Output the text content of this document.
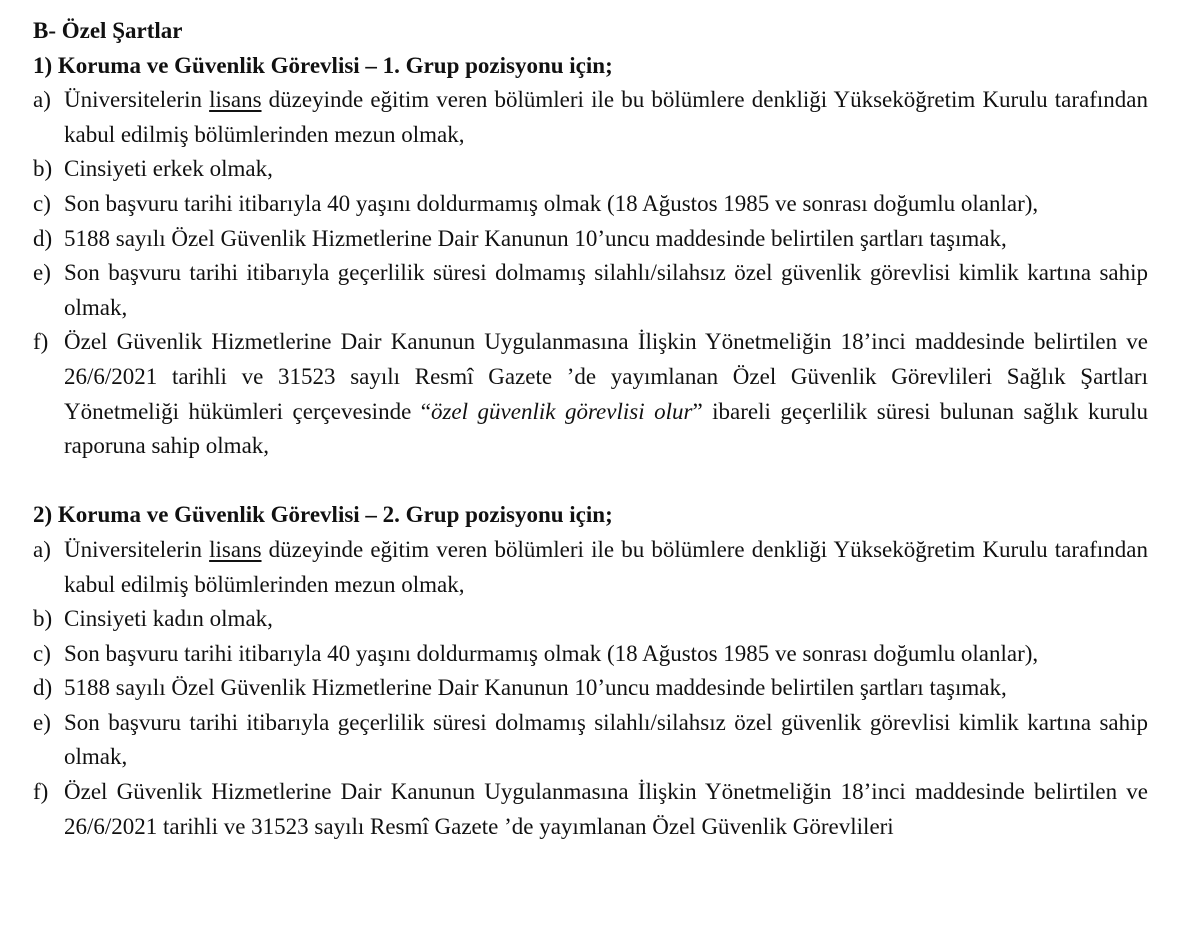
B- Özel Şartlar
1) Koruma ve Güvenlik Görevlisi – 1. Grup pozisyonu için;
a) Üniversitelerin lisans düzeyinde eğitim veren bölümleri ile bu bölümlere denkliği Yükseköğretim Kurulu tarafından kabul edilmiş bölümlerinden mezun olmak,
b) Cinsiyeti erkek olmak,
c) Son başvuru tarihi itibarıyla 40 yaşını doldurmamış olmak (18 Ağustos 1985 ve sonrası doğumlu olanlar),
d) 5188 sayılı Özel Güvenlik Hizmetlerine Dair Kanunun 10’uncu maddesinde belirtilen şartları taşımak,
e) Son başvuru tarihi itibarıyla geçerlilik süresi dolmamış silahlı/silahsız özel güvenlik görevlisi kimlik kartına sahip olmak,
f) Özel Güvenlik Hizmetlerine Dair Kanunun Uygulanmasına İlişkin Yönetmeliğin 18’inci maddesinde belirtilen ve 26/6/2021 tarihli ve 31523 sayılı Resmî Gazete ’de yayımlanan Özel Güvenlik Görevlileri Sağlık Şartları Yönetmeliği hükümleri çerçevesinde “özel güvenlik görevlisi olur” ibareli geçerlilik süresi bulunan sağlık kurulu raporuna sahip olmak,
2) Koruma ve Güvenlik Görevlisi – 2. Grup pozisyonu için;
a) Üniversitelerin lisans düzeyinde eğitim veren bölümleri ile bu bölümlere denkliği Yükseköğretim Kurulu tarafından kabul edilmiş bölümlerinden mezun olmak,
b) Cinsiyeti kadın olmak,
c) Son başvuru tarihi itibarıyla 40 yaşını doldurmamış olmak (18 Ağustos 1985 ve sonrası doğumlu olanlar),
d) 5188 sayılı Özel Güvenlik Hizmetlerine Dair Kanunun 10’uncu maddesinde belirtilen şartları taşımak,
e) Son başvuru tarihi itibarıyla geçerlilik süresi dolmamış silahlı/silahsız özel güvenlik görevlisi kimlik kartına sahip olmak,
f) Özel Güvenlik Hizmetlerine Dair Kanunun Uygulanmasına İlişkin Yönetmeliğin 18’inci maddesinde belirtilen ve 26/6/2021 tarihli ve 31523 sayılı Resmî Gazete ’de yayımlanan Özel Güvenlik Görevlileri
